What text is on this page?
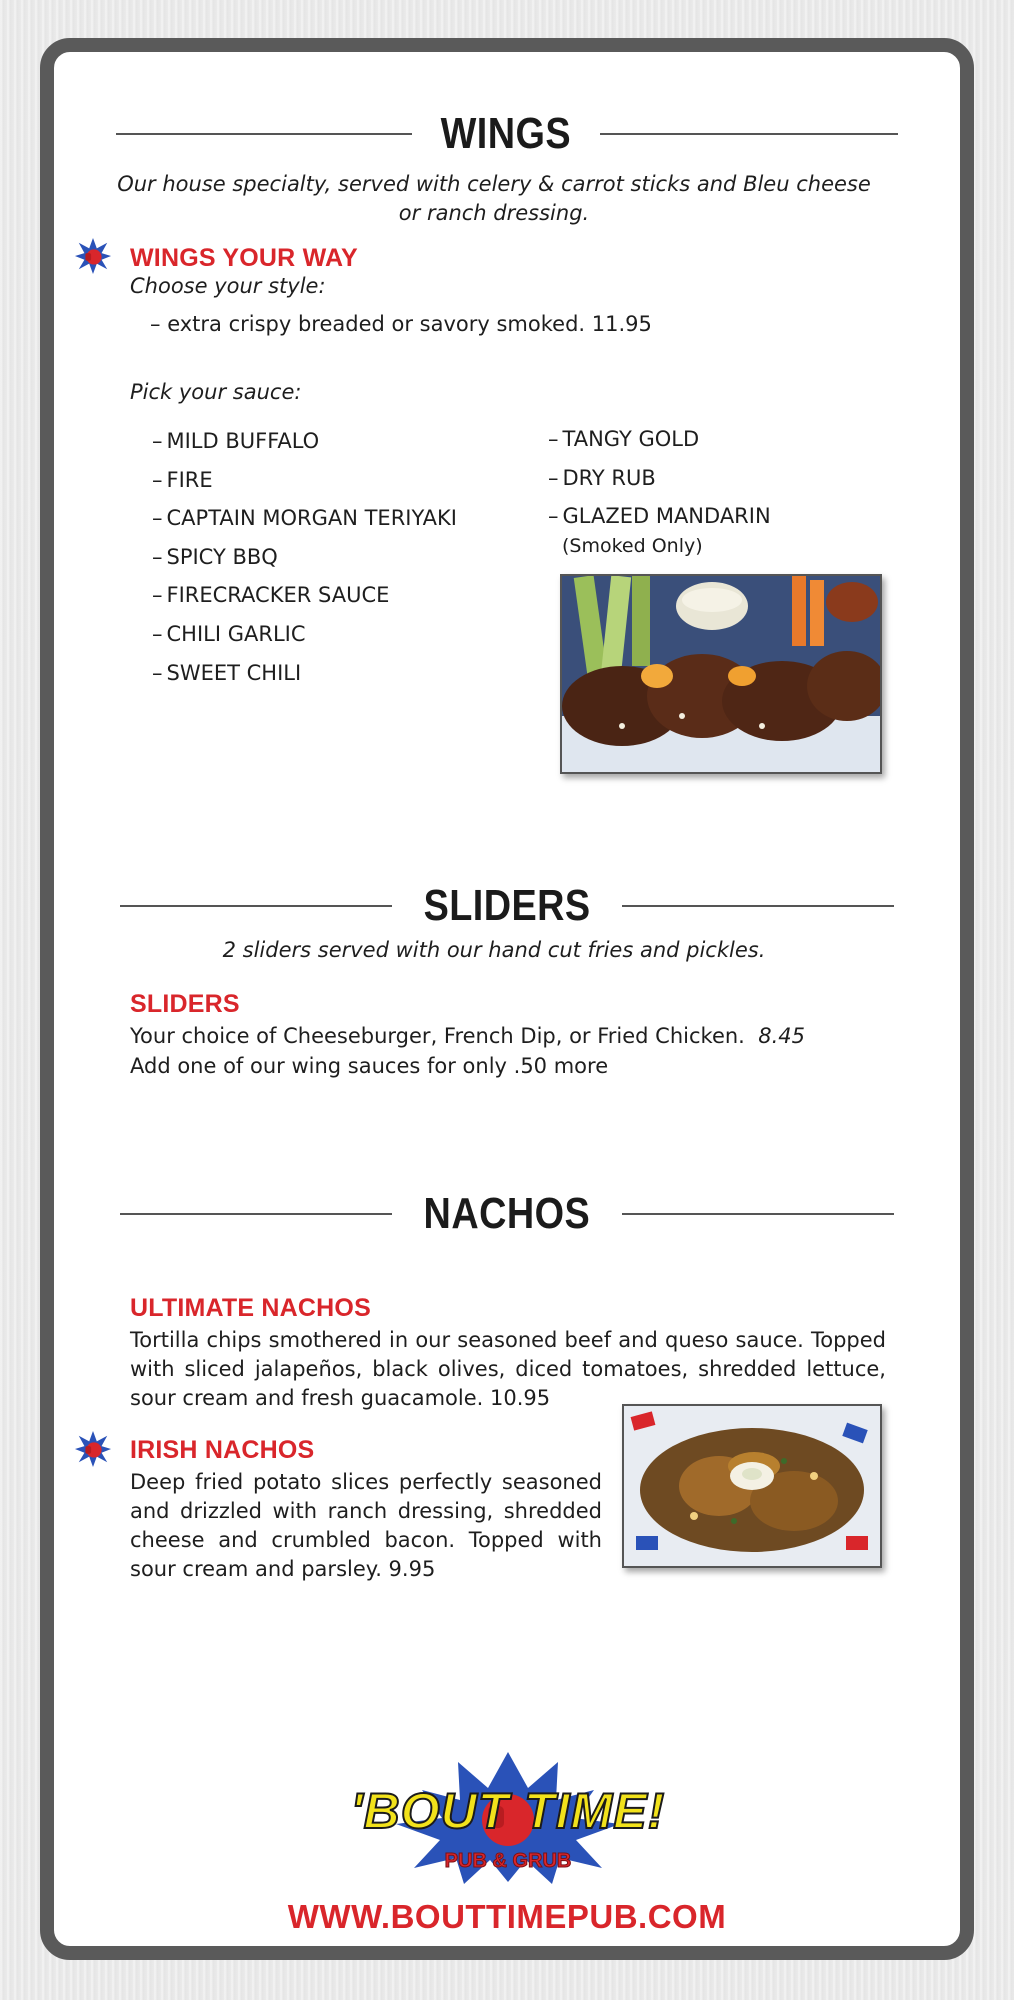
WINGS
Our house specialty, served with celery & carrot sticks and Bleu cheese or ranch dressing.
WINGS YOUR WAY
Choose your style:
– extra crispy breaded or savory smoked. 11.95
Pick your sauce:
– MILD BUFFALO
– FIRE
– CAPTAIN MORGAN TERIYAKI
– SPICY BBQ
– FIRECRACKER SAUCE
– CHILI GARLIC
– SWEET CHILI
– TANGY GOLD
– DRY RUB
– GLAZED MANDARIN
(Smoked Only)
SLIDERS
2 sliders served with our hand cut fries and pickles.
SLIDERS
Your choice of Cheeseburger, French Dip, or Fried Chicken. 8.45
Add one of our wing sauces for only .50 more
NACHOS
ULTIMATE NACHOS
Tortilla chips smothered in our seasoned beef and queso sauce. Topped with sliced jalapeños, black olives, diced tomatoes, shredded lettuce, sour cream and fresh guacamole. 10.95
IRISH NACHOS
Deep fried potato slices perfectly seasoned and drizzled with ranch dressing, shredded cheese and crumbled bacon. Topped with sour cream and parsley. 9.95
'BOUT TIME!
PUB & GRUB
WWW.BOUTTIMEPUB.COM
